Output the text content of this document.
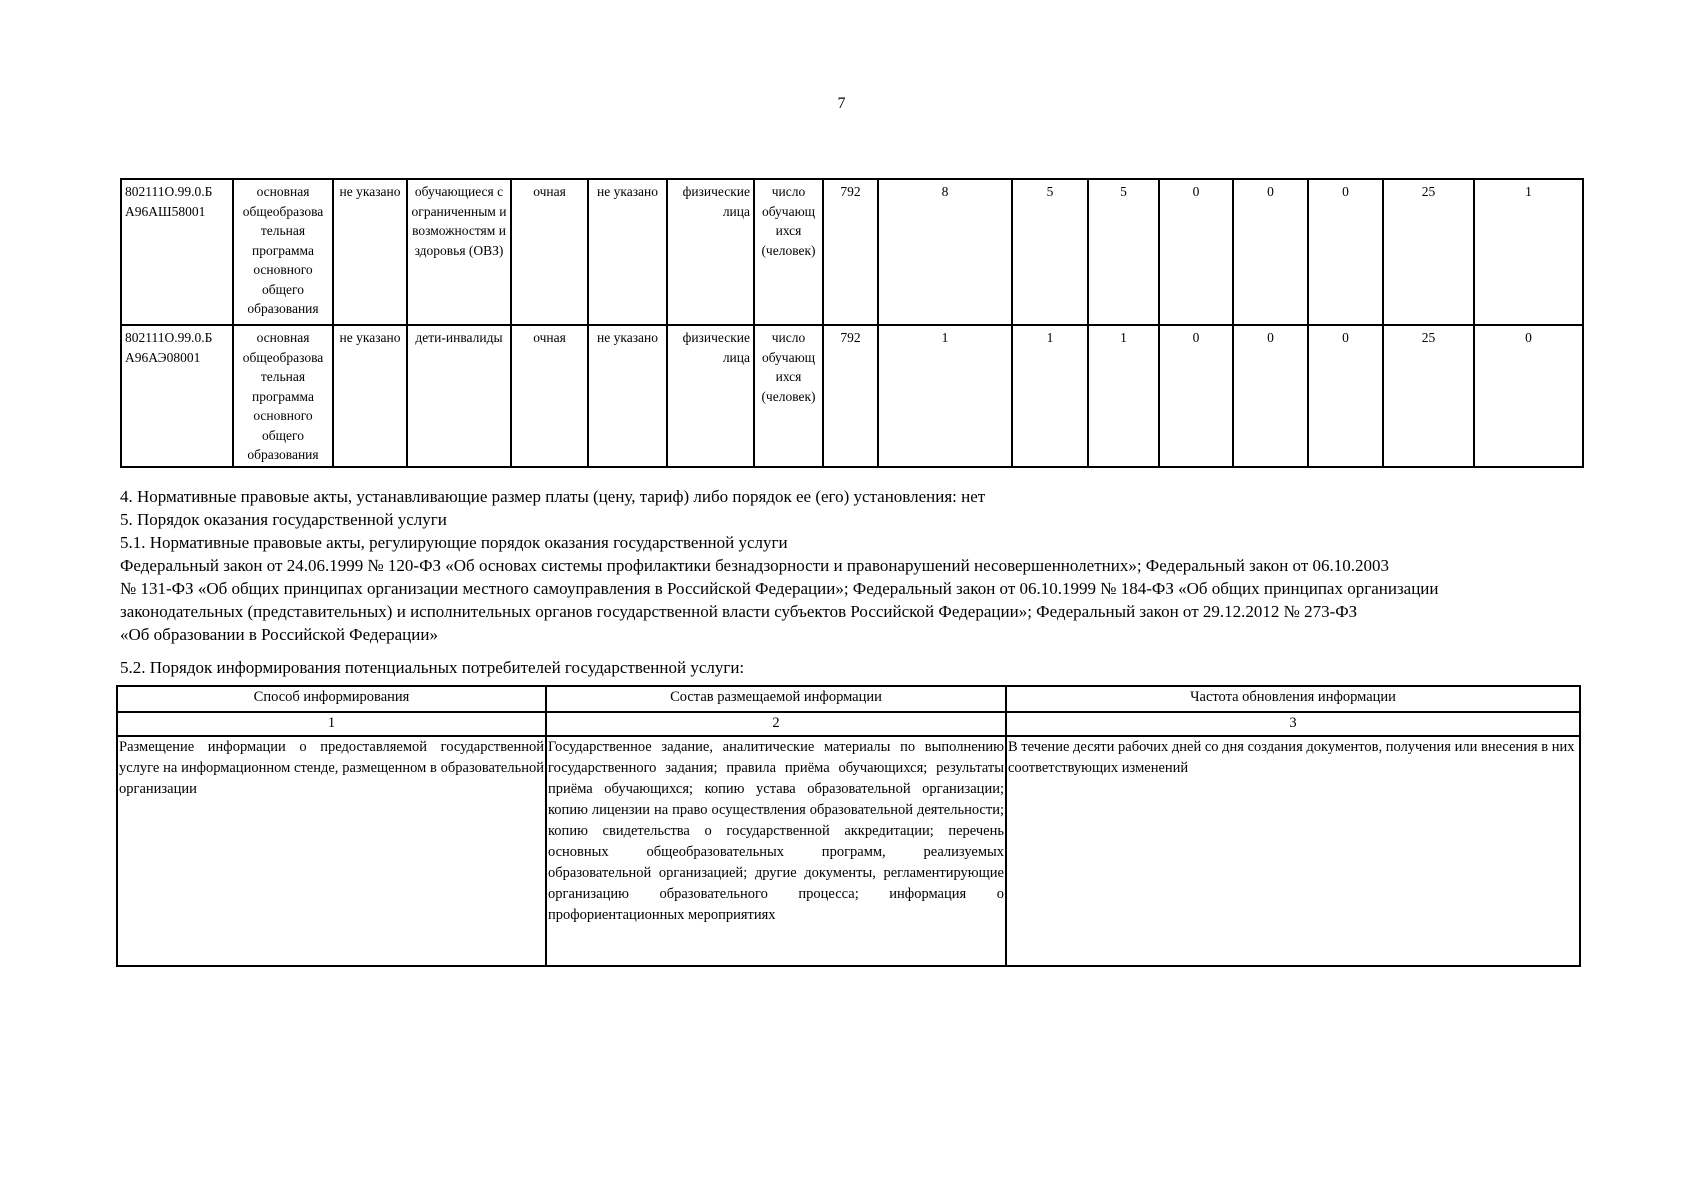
7
802111О.99.0.Б А96АШ58001	основная общеобразова тельная программа основного общего образования	не указано	обучающиеся с ограниченным и возможностям и здоровья (ОВЗ)	очная	не указано	физические лица	число обучающ ихся (человек)	792	8	5	5	0	0	0	25	1
802111О.99.0.Б А96АЭ08001	основная общеобразова тельная программа основного общего образования	не указано	дети-инвалиды	очная	не указано	физические лица	число обучающ ихся (человек)	792	1	1	1	0	0	0	25	0

4. Нормативные правовые акты, устанавливающие размер платы (цену, тариф) либо порядок ее (его) установления: нет

5. Порядок оказания государственной услуги

5.1. Нормативные правовые акты, регулирующие порядок оказания государственной услуги

Федеральный закон от 24.06.1999 № 120-ФЗ «Об основах системы профилактики безнадзорности и правонарушений несовершеннолетних»; Федеральный закон от 06.10.2003

№ 131-ФЗ «Об общих принципах организации местного самоуправления в Российской Федерации»; Федеральный закон от 06.10.1999 № 184-ФЗ «Об общих принципах организации

законодательных (представительных) и исполнительных органов государственной власти субъектов Российской Федерации»; Федеральный закон от 29.12.2012 № 273-ФЗ

«Об образовании в Российской Федерации»

5.2. Порядок информирования потенциальных потребителей государственной услуги:

Способ информирования	Состав размещаемой информации	Частота обновления информации
1	2	3
Размещение информации о предоставляемой государственной услуге на информационном стенде, размещенном в образовательной организации	Государственное задание, аналитические материалы по выполнению государственного задания; правила приёма обучающихся; результаты приёма обучающихся; копию устава образовательной организации; копию лицензии на право осуществления образовательной деятельности; копию свидетельства о государственной аккредитации; перечень основных общеобразовательных программ, реализуемых образовательной организацией; другие документы, регламентирующие организацию образовательного процесса; информация о профориентационных мероприятиях	В течение десяти рабочих дней со дня создания документов, получения или внесения в них соответствующих изменений
